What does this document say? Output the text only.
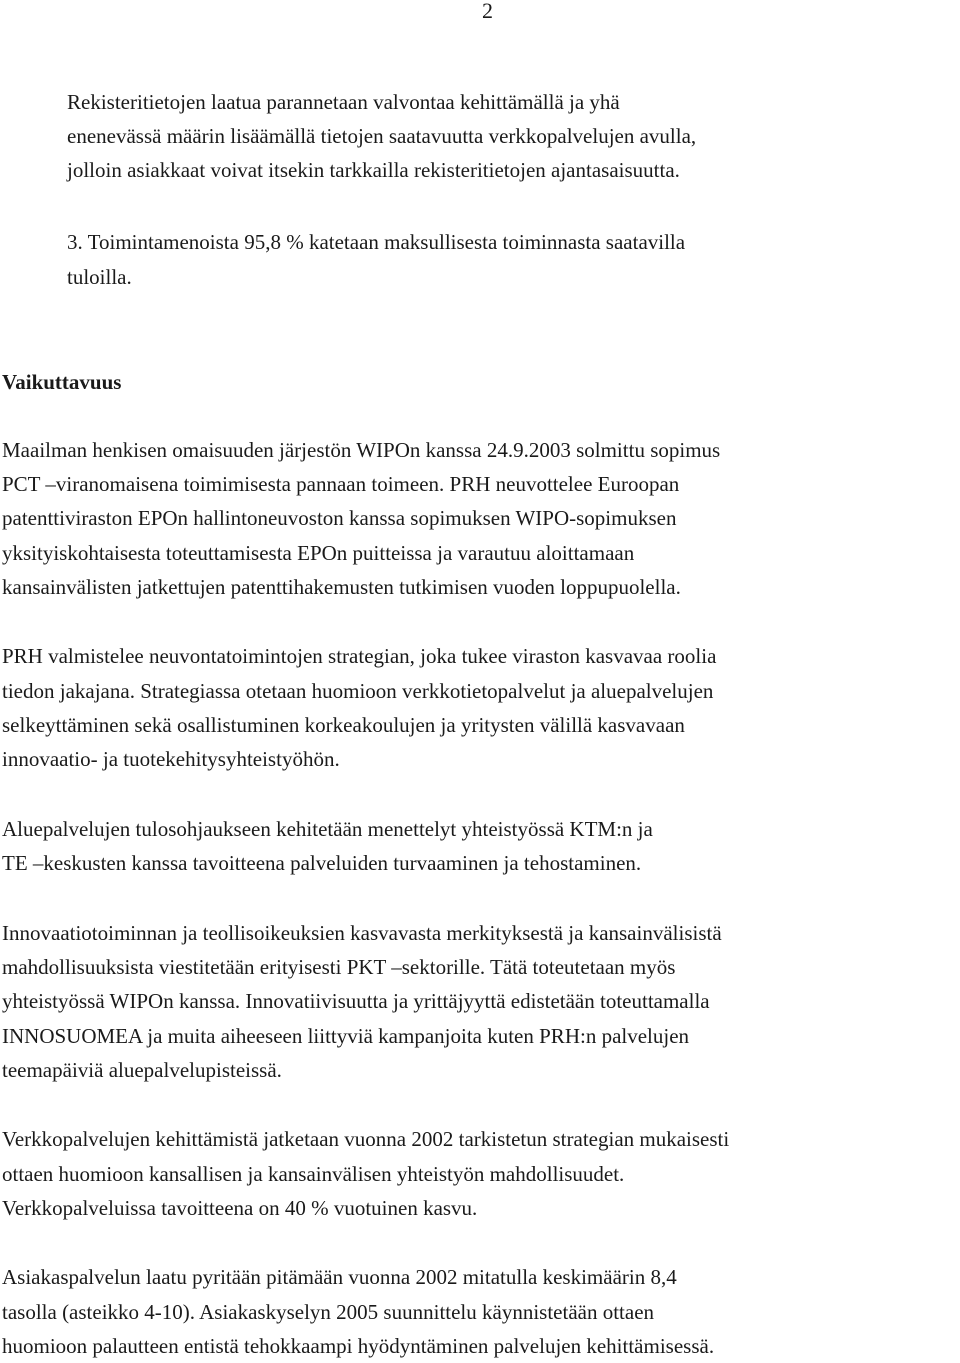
2
Rekisteritietojen laatua parannetaan valvontaa kehittämällä ja yhä
enenevässä määrin lisäämällä tietojen saatavuutta verkkopalvelujen avulla,
jolloin asiakkaat voivat itsekin tarkkailla rekisteritietojen ajantasaisuutta.
3. Toimintamenoista 95,8 % katetaan maksullisesta toiminnasta saatavilla
tuloilla.
Vaikuttavuus
Maailman henkisen omaisuuden järjestön WIPOn kanssa 24.9.2003 solmittu sopimus
PCT –viranomaisena toimimisesta pannaan toimeen. PRH neuvottelee Euroopan
patenttiviraston EPOn hallintoneuvoston kanssa sopimuksen WIPO-sopimuksen
yksityiskohtaisesta toteuttamisesta EPOn puitteissa ja varautuu aloittamaan
kansainvälisten jatkettujen patenttihakemusten tutkimisen vuoden loppupuolella.
PRH valmistelee neuvontatoimintojen strategian, joka tukee viraston kasvavaa roolia
tiedon jakajana. Strategiassa otetaan huomioon verkkotietopalvelut ja aluepalvelujen
selkeyttäminen sekä osallistuminen korkeakoulujen ja yritysten välillä kasvavaan
innovaatio- ja tuotekehitysyhteistyöhön.
Aluepalvelujen tulosohjaukseen kehitetään menettelyt yhteistyössä KTM:n ja
TE –keskusten kanssa tavoitteena palveluiden turvaaminen ja tehostaminen.
Innovaatiotoiminnan ja teollisoikeuksien kasvavasta merkityksestä ja kansainvälisistä
mahdollisuuksista viestitetään erityisesti PKT –sektorille. Tätä toteutetaan myös
yhteistyössä WIPOn kanssa. Innovatiivisuutta ja yrittäjyyttä edistetään toteuttamalla
INNOSUOMEA ja muita aiheeseen liittyviä kampanjoita kuten PRH:n palvelujen
teemapäiviä aluepalvelupisteissä.
Verkkopalvelujen kehittämistä jatketaan vuonna 2002 tarkistetun strategian mukaisesti
ottaen huomioon kansallisen ja kansainvälisen yhteistyön mahdollisuudet.
Verkkopalveluissa tavoitteena on 40 % vuotuinen kasvu.
Asiakaspalvelun laatu pyritään pitämään vuonna 2002 mitatulla keskimäärin 8,4
tasolla (asteikko 4-10). Asiakaskyselyn 2005 suunnittelu käynnistetään ottaen
huomioon palautteen entistä tehokkaampi hyödyntäminen palvelujen kehittämisessä.
